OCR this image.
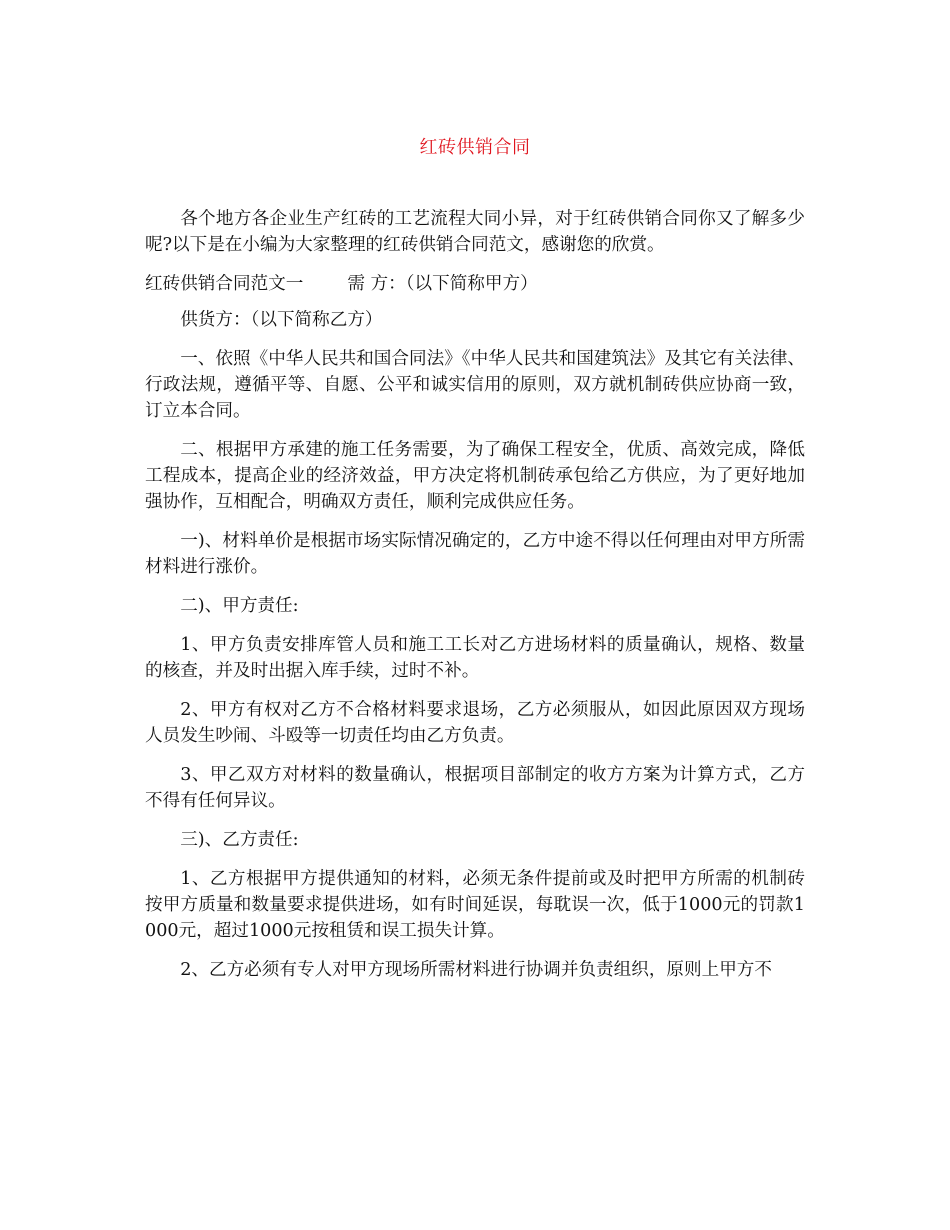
红砖供销合同

各个地方各企业生产红砖的工艺流程大同小异，对于红砖供销合同你又了解多少呢?以下是在小编为大家整理的红砖供销合同范文，感谢您的欣赏。

红砖供销合同范文一	需 方：（以下简称甲方）

供货方：（以下简称乙方）

一、依照《中华人民共和国合同法》《中华人民共和国建筑法》及其它有关法律、行政法规，遵循平等、自愿、公平和诚实信用的原则，双方就机制砖供应协商一致，订立本合同。

二、根据甲方承建的施工任务需要，为了确保工程安全，优质、高效完成，降低工程成本，提高企业的经济效益，甲方决定将机制砖承包给乙方供应，为了更好地加强协作，互相配合，明确双方责任，顺利完成供应任务。

一)、材料单价是根据市场实际情况确定的，乙方中途不得以任何理由对甲方所需材料进行涨价。

二)、甲方责任:

1、甲方负责安排库管人员和施工工长对乙方进场材料的质量确认，规格、数量的核查，并及时出据入库手续，过时不补。

2、甲方有权对乙方不合格材料要求退场，乙方必须服从，如因此原因双方现场人员发生吵闹、斗殴等一切责任均由乙方负责。

3、甲乙双方对材料的数量确认，根据项目部制定的收方方案为计算方式，乙方不得有任何异议。

三)、乙方责任:

1、乙方根据甲方提供通知的材料，必须无条件提前或及时把甲方所需的机制砖按甲方质量和数量要求提供进场，如有时间延误，每耽误一次，低于1000元的罚款1000元，超过1000元按租赁和误工损失计算。

2、乙方必须有专人对甲方现场所需材料进行协调并负责组织，原则上甲方不
